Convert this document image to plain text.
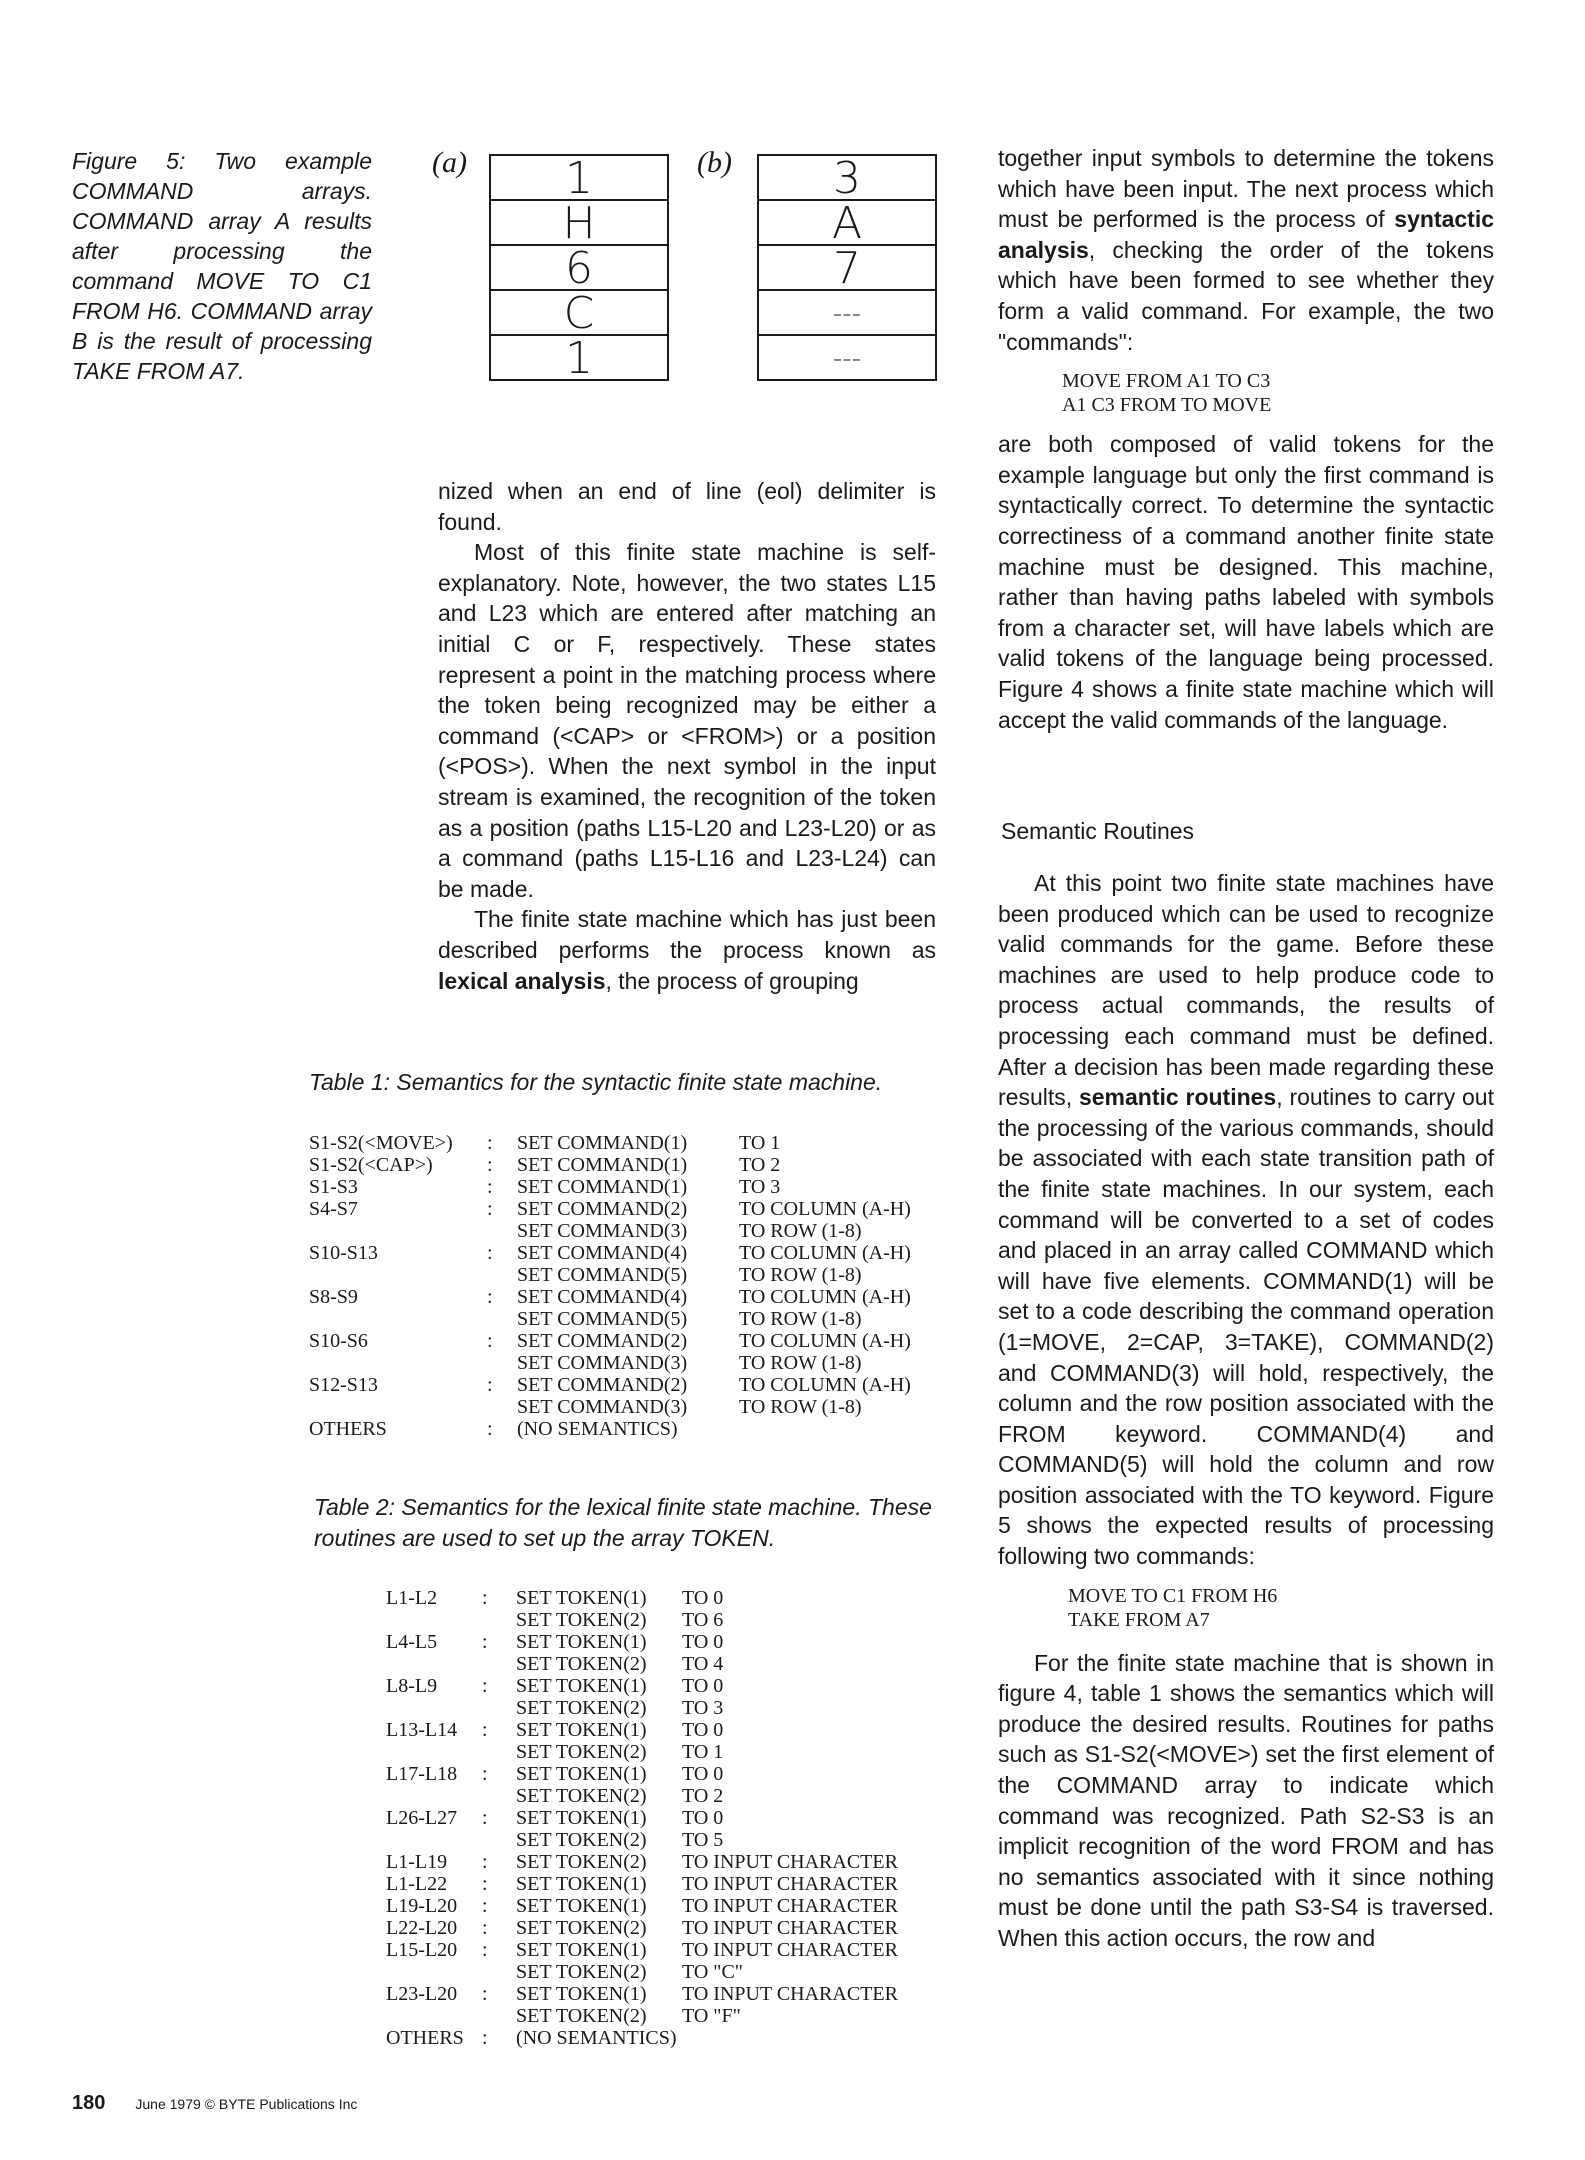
Figure 5: Two example COMMAND arrays. COMMAND array A results after processing the command MOVE TO C1 FROM H6. COMMAND array B is the result of processing TAKE FROM A7.
(a)	1
H
6
C
1
(b)	3
A
7
---
---

nized when an end of line (eol) delimiter is found.

Most of this finite state machine is self-explanatory. Note, however, the two states L15 and L23 which are entered after matching an initial C or F, respectively. These states represent a point in the matching process where the token being recognized may be either a command (<CAP> or <FROM>) or a position (<POS>). When the next symbol in the input stream is examined, the recognition of the token as a position (paths L15-L20 and L23-L20) or as a command (paths L15-L16 and L23-L24) can be made.

The finite state machine which has just been described performs the process known as lexical analysis, the process of grouping

Table 1: Semantics for the syntactic finite state machine.
S1-S2(<MOVE>)	:	SET COMMAND(1)	TO 1
S1-S2(<CAP>)	:	SET COMMAND(1)	TO 2
S1-S3	:	SET COMMAND(1)	TO 3
S4-S7	:	SET COMMAND(2)	TO COLUMN (A-H)
		SET COMMAND(3)	TO ROW (1-8)
S10-S13	:	SET COMMAND(4)	TO COLUMN (A-H)
		SET COMMAND(5)	TO ROW (1-8)
S8-S9	:	SET COMMAND(4)	TO COLUMN (A-H)
		SET COMMAND(5)	TO ROW (1-8)
S10-S6	:	SET COMMAND(2)	TO COLUMN (A-H)
		SET COMMAND(3)	TO ROW (1-8)
S12-S13	:	SET COMMAND(2)	TO COLUMN (A-H)
		SET COMMAND(3)	TO ROW (1-8)
OTHERS	:	(NO SEMANTICS)	
Table 2: Semantics for the lexical finite state machine. These routines are used to set up the array TOKEN.
L1-L2	:	SET TOKEN(1)	TO 0
		SET TOKEN(2)	TO 6
L4-L5	:	SET TOKEN(1)	TO 0
		SET TOKEN(2)	TO 4
L8-L9	:	SET TOKEN(1)	TO 0
		SET TOKEN(2)	TO 3
L13-L14	:	SET TOKEN(1)	TO 0
		SET TOKEN(2)	TO 1
L17-L18	:	SET TOKEN(1)	TO 0
		SET TOKEN(2)	TO 2
L26-L27	:	SET TOKEN(1)	TO 0
		SET TOKEN(2)	TO 5
L1-L19	:	SET TOKEN(2)	TO INPUT CHARACTER
L1-L22	:	SET TOKEN(1)	TO INPUT CHARACTER
L19-L20	:	SET TOKEN(1)	TO INPUT CHARACTER
L22-L20	:	SET TOKEN(2)	TO INPUT CHARACTER
L15-L20	:	SET TOKEN(1)	TO INPUT CHARACTER
		SET TOKEN(2)	TO "C"
L23-L20	:	SET TOKEN(1)	TO INPUT CHARACTER
		SET TOKEN(2)	TO "F"
OTHERS	:	(NO SEMANTICS)	

together input symbols to determine the tokens which have been input. The next process which must be performed is the process of syntactic analysis, checking the order of the tokens which have been formed to see whether they form a valid command. For example, the two "commands":

MOVE FROM A1 TO C3
A1 C3 FROM TO MOVE

are both composed of valid tokens for the example language but only the first command is syntactically correct. To determine the syntactic correctiness of a command another finite state machine must be designed. This machine, rather than having paths labeled with symbols from a character set, will have labels which are valid tokens of the language being processed. Figure 4 shows a finite state machine which will accept the valid commands of the language.

Semantic Routines

At this point two finite state machines have been produced which can be used to recognize valid commands for the game. Before these machines are used to help produce code to process actual commands, the results of processing each command must be defined. After a decision has been made regarding these results, semantic routines, routines to carry out the processing of the various commands, should be associated with each state transition path of the finite state machines. In our system, each command will be converted to a set of codes and placed in an array called COMMAND which will have five elements. COMMAND(1) will be set to a code describing the command operation (1=MOVE, 2=CAP, 3=TAKE), COMMAND(2) and COMMAND(3) will hold, respectively, the column and the row position associated with the FROM keyword. COMMAND(4) and COMMAND(5) will hold the column and row position associated with the TO keyword. Figure 5 shows the expected results of processing following two commands:

MOVE TO C1 FROM H6
TAKE FROM A7

For the finite state machine that is shown in figure 4, table 1 shows the semantics which will produce the desired results. Routines for paths such as S1-S2(<MOVE>) set the first element of the COMMAND array to indicate which command was recognized. Path S2-S3 is an implicit recognition of the word FROM and has no semantics associated with it since nothing must be done until the path S3-S4 is traversed. When this action occurs, the row and

180 June 1979 © BYTE Publications Inc
